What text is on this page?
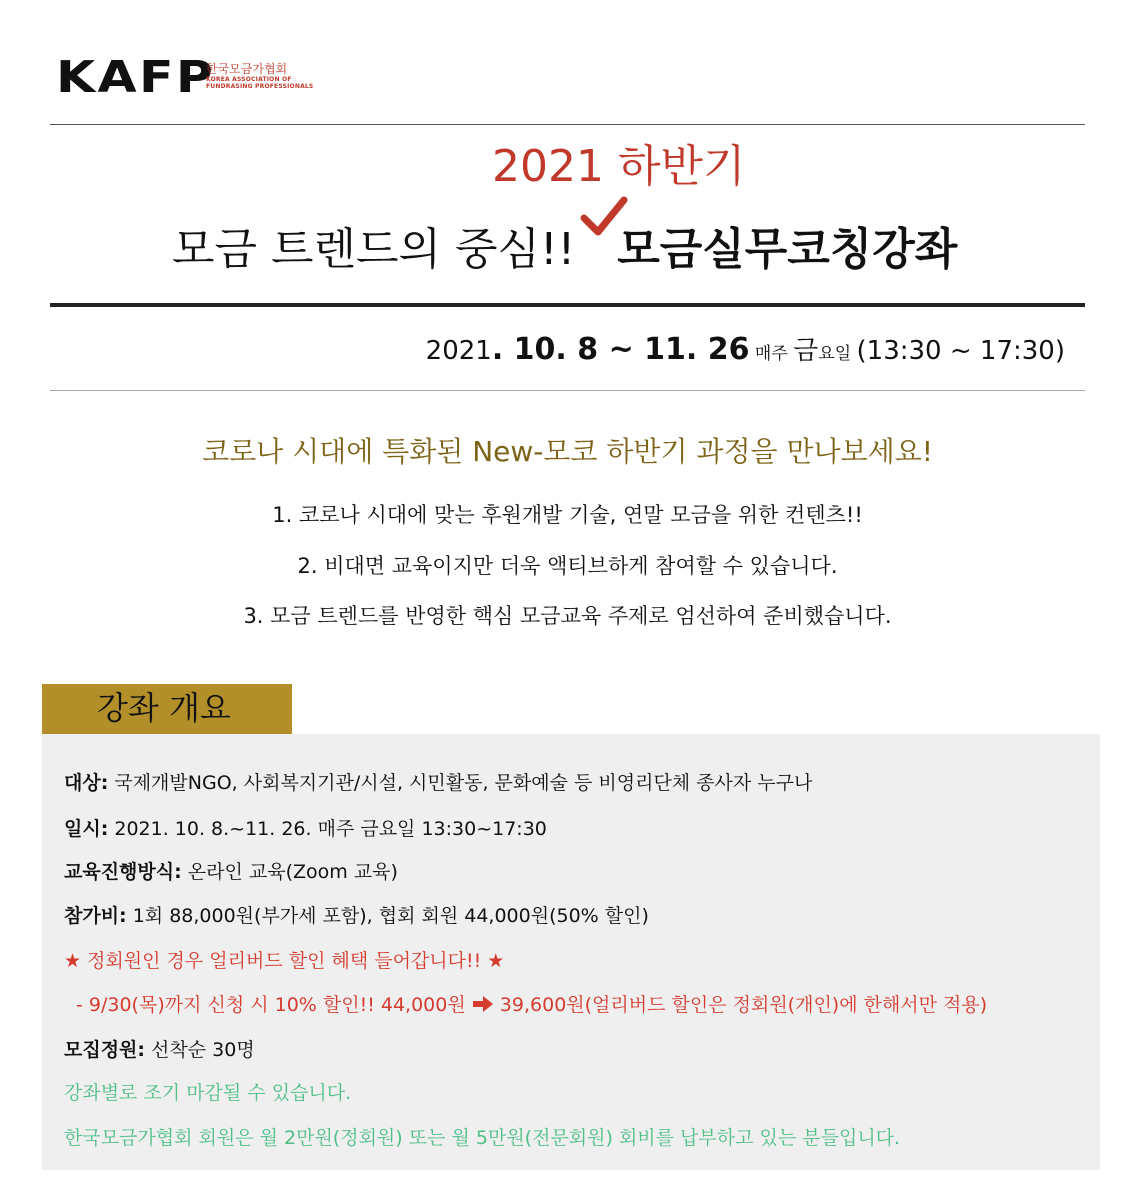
KAFP
한국모금가협회
KOREA ASSOCIATION OF
FUNDRASING PROFESSIONALS
2021 하반기
모금 트렌드의 중심!! 모금실무코칭강좌
2021. 10. 8 ~ 11. 26 매주 금요일 (13:30 ~ 17:30)
코로나 시대에 특화된 New-모코 하반기 과정을 만나보세요!
1. 코로나 시대에 맞는 후원개발 기술, 연말 모금을 위한 컨텐츠!!
2. 비대면 교육이지만 더욱 액티브하게 참여할 수 있습니다.
3. 모금 트렌드를 반영한 핵심 모금교육 주제로 엄선하여 준비했습니다.
강좌 개요
대상: 국제개발NGO, 사회복지기관/시설, 시민활동, 문화예술 등 비영리단체 종사자 누구나
일시: 2021. 10. 8.~11. 26. 매주 금요일 13:30~17:30
교육진행방식: 온라인 교육(Zoom 교육)
참가비: 1회 88,000원(부가세 포함), 협회 회원 44,000원(50% 할인)
★ 정회원인 경우 얼리버드 할인 혜택 들어갑니다!! ★
- 9/30(목)까지 신청 시 10% 할인!! 44,000원  39,600원(얼리버드 할인은 정회원(개인)에 한해서만 적용)
모집정원: 선착순 30명
강좌별로 조기 마감될 수 있습니다.
한국모금가협회 회원은 월 2만원(정회원) 또는 월 5만원(전문회원) 회비를 납부하고 있는 분들입니다.
